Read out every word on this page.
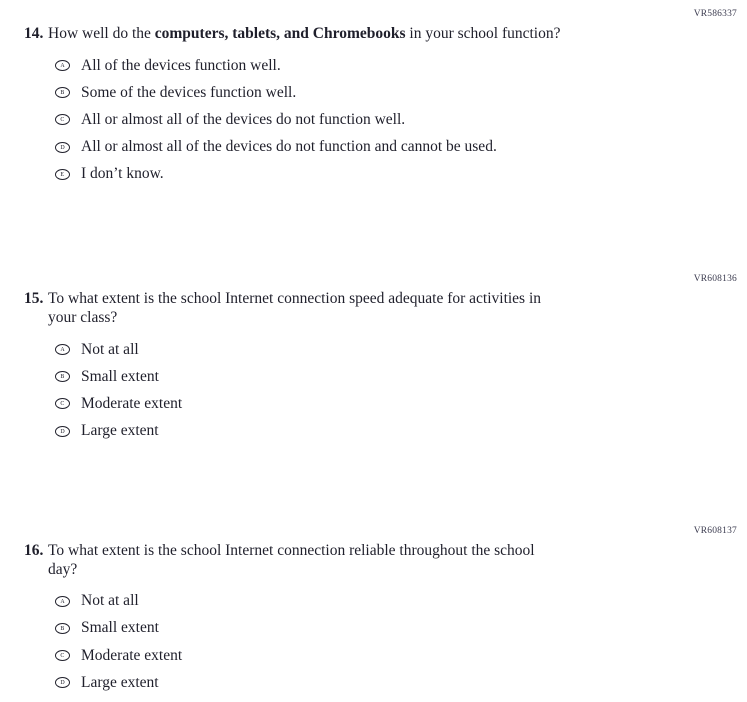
VR586337
14. How well do the computers, tablets, and Chromebooks in your school function?
A All of the devices function well.
B Some of the devices function well.
C All or almost all of the devices do not function well.
D All or almost all of the devices do not function and cannot be used.
E I don’t know.
VR608136
15. To what extent is the school Internet connection speed adequate for activities in
your class?
A Not at all
B Small extent
C Moderate extent
D Large extent
VR608137
16. To what extent is the school Internet connection reliable throughout the school
day?
A Not at all
B Small extent
C Moderate extent
D Large extent
